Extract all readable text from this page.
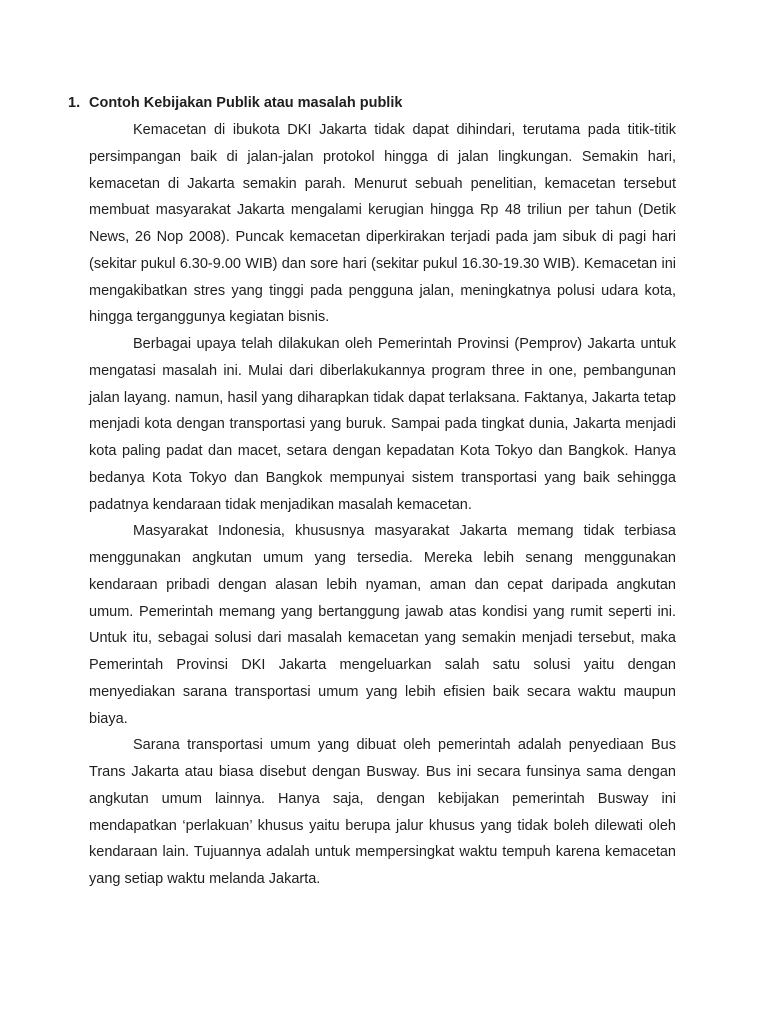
1. Contoh Kebijakan Publik atau masalah publik

Kemacetan di ibukota DKI Jakarta tidak dapat dihindari, terutama pada titik-titik persimpangan baik di jalan-jalan protokol hingga di jalan lingkungan. Semakin hari, kemacetan di Jakarta semakin parah. Menurut sebuah penelitian, kemacetan tersebut membuat masyarakat Jakarta mengalami kerugian hingga Rp 48 triliun per tahun (Detik News, 26 Nop 2008). Puncak kemacetan diperkirakan terjadi pada jam sibuk di pagi hari (sekitar pukul 6.30-9.00 WIB) dan sore hari (sekitar pukul 16.30-19.30 WIB). Kemacetan ini mengakibatkan stres yang tinggi pada pengguna jalan, meningkatnya polusi udara kota, hingga terganggunya kegiatan bisnis.

Berbagai upaya telah dilakukan oleh Pemerintah Provinsi (Pemprov) Jakarta untuk mengatasi masalah ini. Mulai dari diberlakukannya program three in one, pembangunan jalan layang. namun, hasil yang diharapkan tidak dapat terlaksana. Faktanya, Jakarta tetap menjadi kota dengan transportasi yang buruk. Sampai pada tingkat dunia, Jakarta menjadi kota paling padat dan macet, setara dengan kepadatan Kota Tokyo dan Bangkok. Hanya bedanya Kota Tokyo dan Bangkok mempunyai sistem transportasi yang baik sehingga padatnya kendaraan tidak menjadikan masalah kemacetan.

Masyarakat Indonesia, khususnya masyarakat Jakarta memang tidak terbiasa menggunakan angkutan umum yang tersedia. Mereka lebih senang menggunakan kendaraan pribadi dengan alasan lebih nyaman, aman dan cepat daripada angkutan umum. Pemerintah memang yang bertanggung jawab atas kondisi yang rumit seperti ini. Untuk itu, sebagai solusi dari masalah kemacetan yang semakin menjadi tersebut, maka Pemerintah Provinsi DKI Jakarta mengeluarkan salah satu solusi yaitu dengan menyediakan sarana transportasi umum yang lebih efisien baik secara waktu maupun biaya.

Sarana transportasi umum yang dibuat oleh pemerintah adalah penyediaan Bus Trans Jakarta atau biasa disebut dengan Busway. Bus ini secara funsinya sama dengan angkutan umum lainnya. Hanya saja, dengan kebijakan pemerintah Busway ini mendapatkan ‘perlakuan’ khusus yaitu berupa jalur khusus yang tidak boleh dilewati oleh kendaraan lain. Tujuannya adalah untuk mempersingkat waktu tempuh karena kemacetan yang setiap waktu melanda Jakarta.
